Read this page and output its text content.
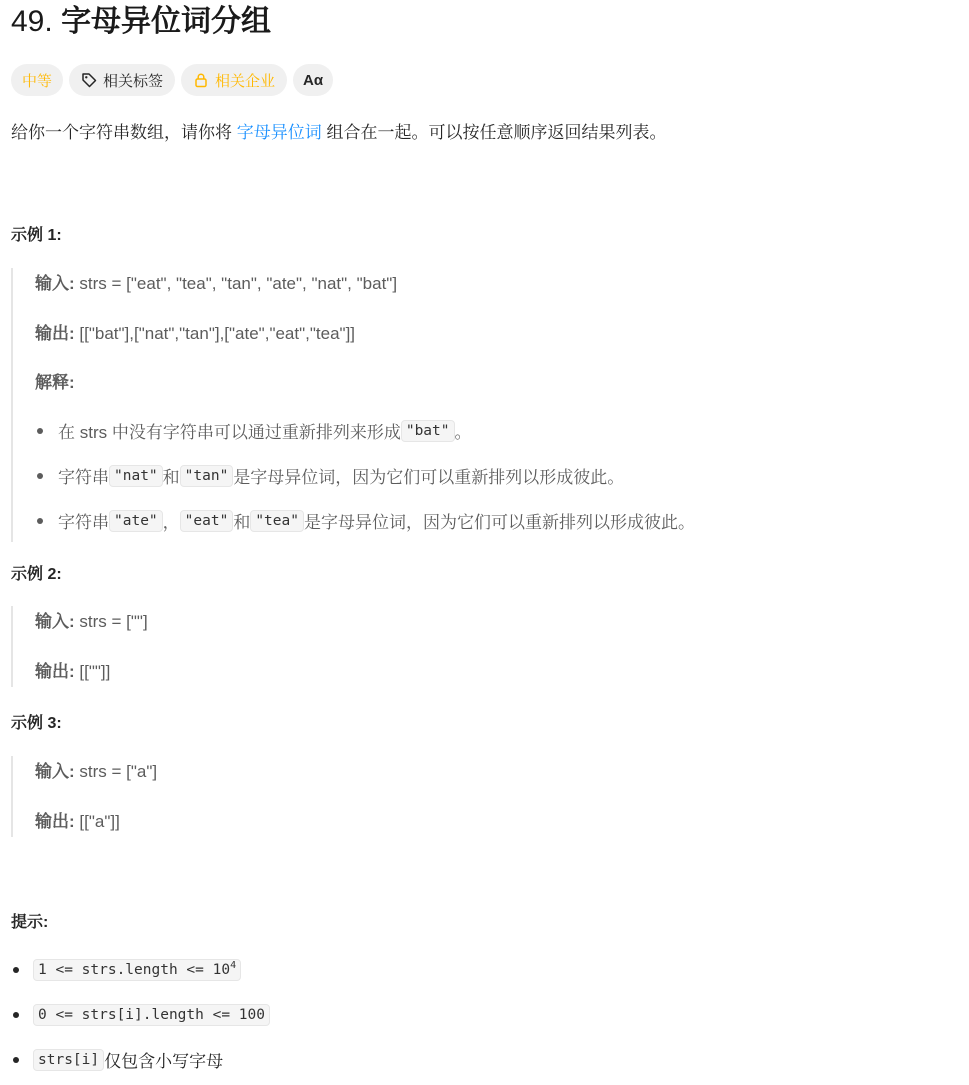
49. 字母异位词分组
中等	相关标签	相关企业 Aα
给你一个字符串数组，请你将 字母异位词 组合在一起。可以按任意顺序返回结果列表。
示例 1:
输入: strs = ["eat", "tea", "tan", "ate", "nat", "bat"]
输出: [["bat"],["nat","tan"],["ate","eat","tea"]]
解释:
在 strs 中没有字符串可以通过重新排列来形成 "bat" 。
字符串 "nat" 和 "tan" 是字母异位词，因为它们可以重新排列以形成彼此。
字符串 "ate" ， "eat" 和 "tea" 是字母异位词，因为它们可以重新排列以形成彼此。
示例 2:
输入: strs = [""]
输出: [[""]]
示例 3:
输入: strs = ["a"]
输出: [["a"]]
提示:
1 <= strs.length <= $10^4$
0 <= strs[i].length <= 100
strs[i] 仅包含小写字母
